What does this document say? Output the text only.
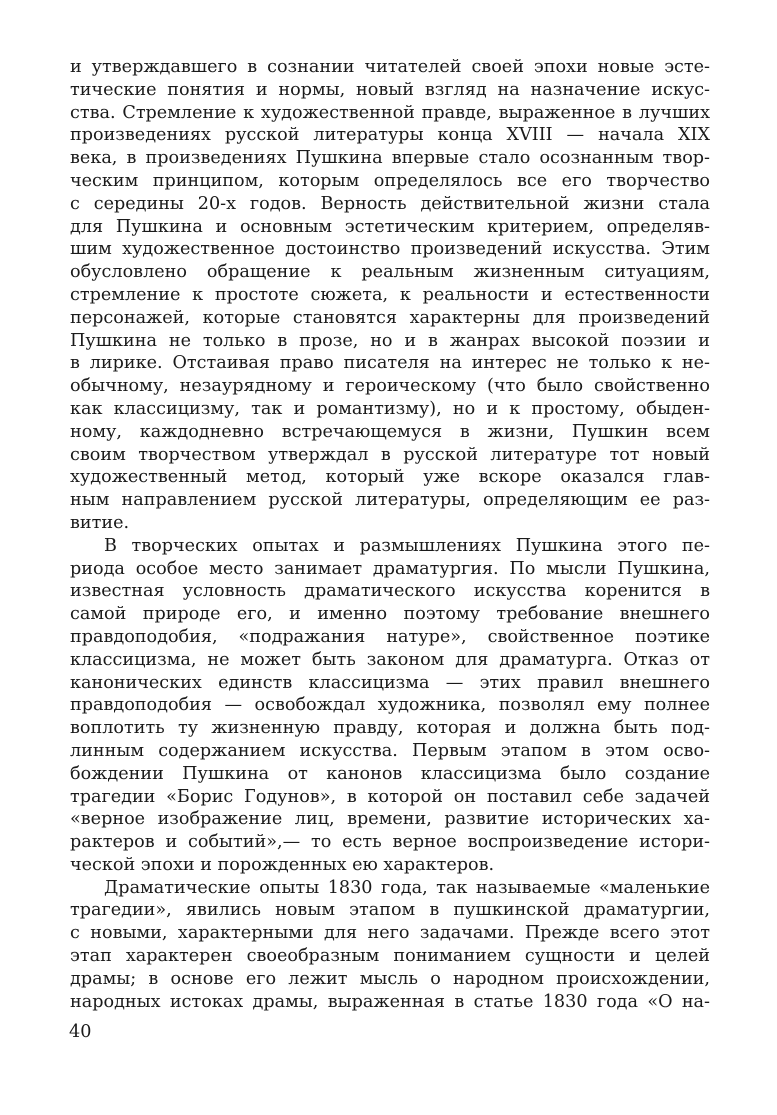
и утверждавшего в сознании читателей своей эпохи новые эсте-
тические понятия и нормы, новый взгляд на назначение искус-
ства. Стремление к художественной правде, выраженное в лучших
произведениях русской литературы конца XVIII — начала XIX
века, в произведениях Пушкина впервые стало осознанным твор-
ческим принципом, которым определялось все его творчество
с середины 20-х годов. Верность действительной жизни стала
для Пушкина и основным эстетическим критерием, определяв-
шим художественное достоинство произведений искусства. Этим
обусловлено обращение к реальным жизненным ситуациям,
стремление к простоте сюжета, к реальности и естественности
персонажей, которые становятся характерны для произведений
Пушкина не только в прозе, но и в жанрах высокой поэзии и
в лирике. Отстаивая право писателя на интерес не только к не-
обычному, незаурядному и героическому (что было свойственно
как классицизму, так и романтизму), но и к простому, обыден-
ному, каждодневно встречающемуся в жизни, Пушкин всем
своим творчеством утверждал в русской литературе тот новый
художественный метод, который уже вскоре оказался глав-
ным направлением русской литературы, определяющим ее раз-
витие.
В творческих опытах и размышлениях Пушкина этого пе-
риода особое место занимает драматургия. По мысли Пушкина,
известная условность драматического искусства коренится в
самой природе его, и именно поэтому требование внешнего
правдоподобия, «подражания натуре», свойственное поэтике
классицизма, не может быть законом для драматурга. Отказ от
канонических единств классицизма — этих правил внешнего
правдоподобия — освобождал художника, позволял ему полнее
воплотить ту жизненную правду, которая и должна быть под-
линным содержанием искусства. Первым этапом в этом осво-
бождении Пушкина от канонов классицизма было создание
трагедии «Борис Годунов», в которой он поставил себе задачей
«верное изображение лиц, времени, развитие исторических ха-
рактеров и событий»,— то есть верное воспроизведение истори-
ческой эпохи и порожденных ею характеров.
Драматические опыты 1830 года, так называемые «маленькие
трагедии», явились новым этапом в пушкинской драматургии,
с новыми, характерными для него задачами. Прежде всего этот
этап характерен своеобразным пониманием сущности и целей
драмы; в основе его лежит мысль о народном происхождении,
народных истоках драмы, выраженная в статье 1830 года «О на-
40
